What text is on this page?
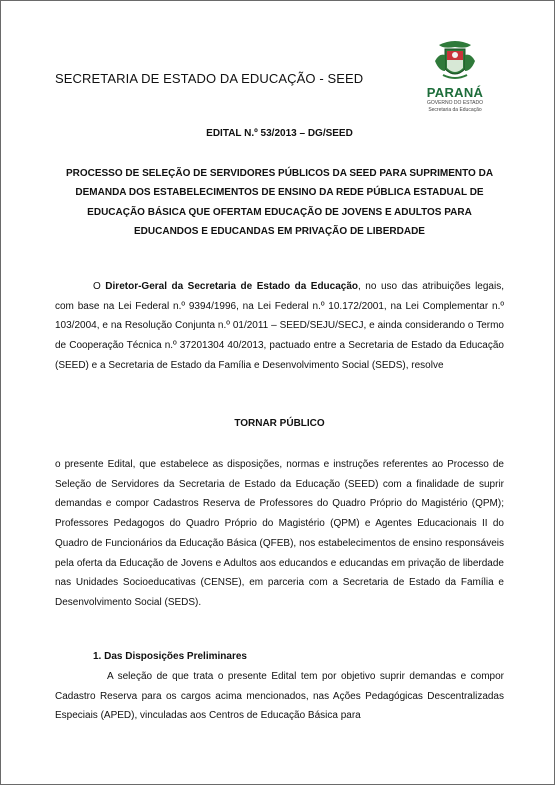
SECRETARIA DE ESTADO DA EDUCAÇÃO - SEED
PARANÁ
GOVERNO DO ESTADO
Secretaria da Educação
EDITAL N.º 53/2013 – DG/SEED
PROCESSO DE SELEÇÃO DE SERVIDORES PÚBLICOS DA SEED PARA SUPRIMENTO DA DEMANDA DOS ESTABELECIMENTOS DE ENSINO DA REDE PÚBLICA ESTADUAL DE EDUCAÇÃO BÁSICA QUE OFERTAM EDUCAÇÃO DE JOVENS E ADULTOS PARA EDUCANDOS E EDUCANDAS EM PRIVAÇÃO DE LIBERDADE
O Diretor-Geral da Secretaria de Estado da Educação, no uso das atribuições legais, com base na Lei Federal n.º 9394/1996, na Lei Federal n.º 10.172/2001, na Lei Complementar n.º 103/2004, e na Resolução Conjunta n.º 01/2011 – SEED/SEJU/SECJ, e ainda considerando o Termo de Cooperação Técnica n.º 37201304 40/2013, pactuado entre a Secretaria de Estado da Educação (SEED) e a Secretaria de Estado da Família e Desenvolvimento Social (SEDS), resolve
TORNAR PÚBLICO
o presente Edital, que estabelece as disposições, normas e instruções referentes ao Processo de Seleção de Servidores da Secretaria de Estado da Educação (SEED) com a finalidade de suprir demandas e compor Cadastros Reserva de Professores do Quadro Próprio do Magistério (QPM); Professores Pedagogos do Quadro Próprio do Magistério (QPM) e Agentes Educacionais II do Quadro de Funcionários da Educação Básica (QFEB), nos estabelecimentos de ensino responsáveis pela oferta da Educação de Jovens e Adultos aos educandos e educandas em privação de liberdade nas Unidades Socioeducativas (CENSE), em parceria com a Secretaria de Estado da Família e Desenvolvimento Social (SEDS).
1. Das Disposições Preliminares
A seleção de que trata o presente Edital tem por objetivo suprir demandas e compor Cadastro Reserva para os cargos acima mencionados, nas Ações Pedagógicas Descentralizadas Especiais (APED), vinculadas aos Centros de Educação Básica para
